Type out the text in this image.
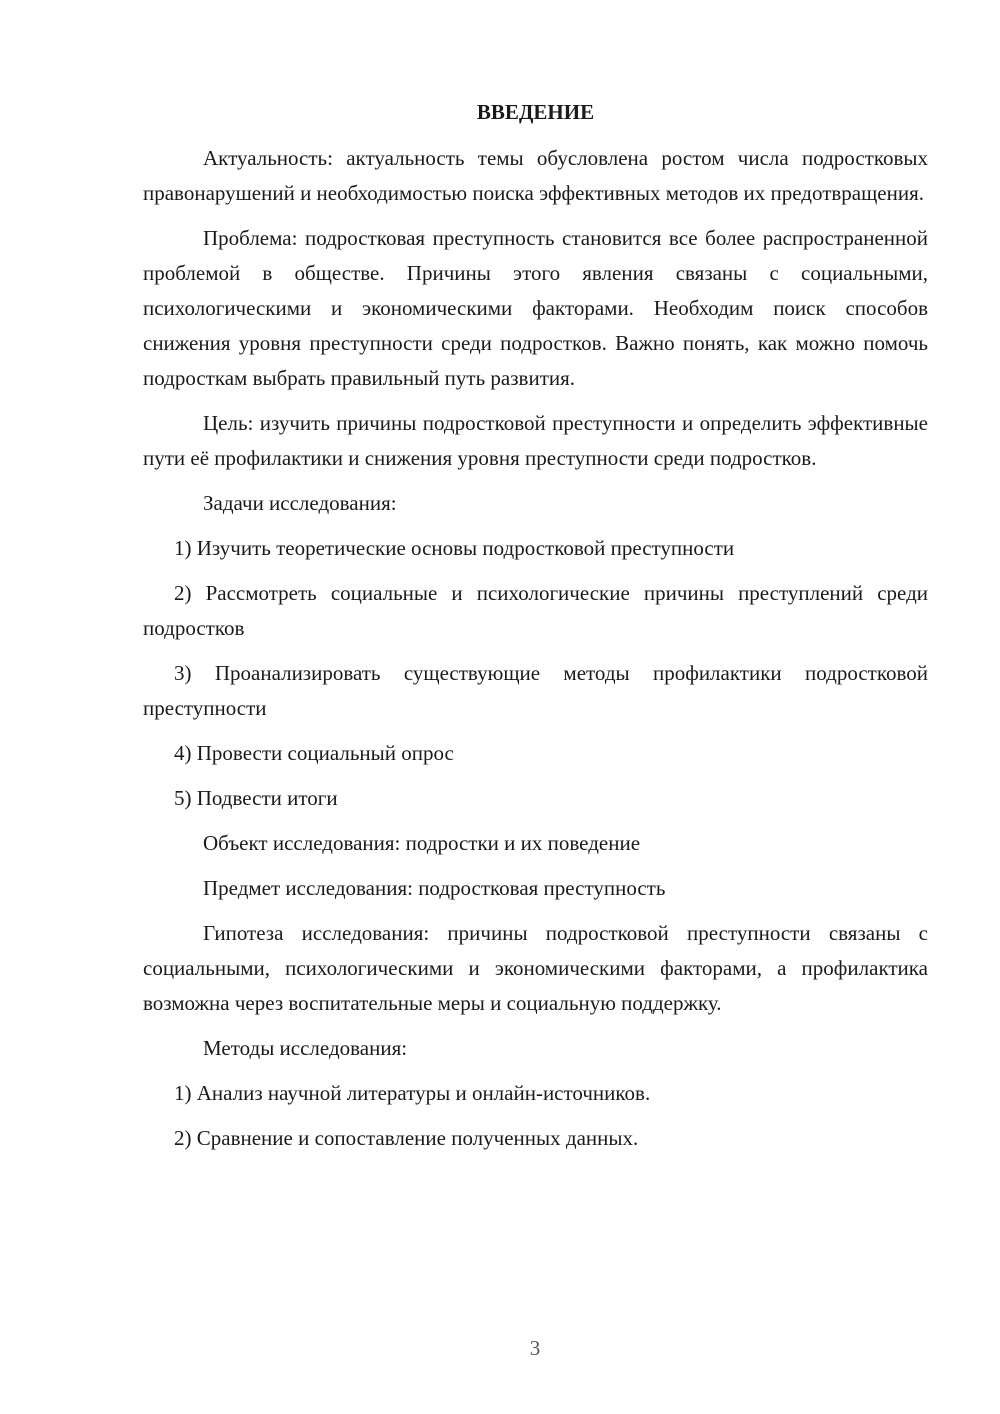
ВВЕДЕНИЕ

Актуальность: актуальность темы обусловлена ростом числа подростковых правонарушений и необходимостью поиска эффективных методов их предотвращения.

Проблема: подростковая преступность становится все более распространенной проблемой в обществе. Причины этого явления связаны с социальными, психологическими и экономическими факторами. Необходим поиск способов снижения уровня преступности среди подростков. Важно понять, как можно помочь подросткам выбрать правильный путь развития.

Цель: изучить причины подростковой преступности и определить эффективные пути её профилактики и снижения уровня преступности среди подростков.

Задачи исследования:

1) Изучить теоретические основы подростковой преступности

2) Рассмотреть социальные и психологические причины преступлений среди подростков

3) Проанализировать существующие методы профилактики подростковой преступности

4) Провести социальный опрос

5) Подвести итоги

Объект исследования: подростки и их поведение

Предмет исследования: подростковая преступность

Гипотеза исследования: причины подростковой преступности связаны с социальными, психологическими и экономическими факторами, а профилактика возможна через воспитательные меры и социальную поддержку.

Методы исследования:

1) Анализ научной литературы и онлайн-источников.

2) Сравнение и сопоставление полученных данных.

3
